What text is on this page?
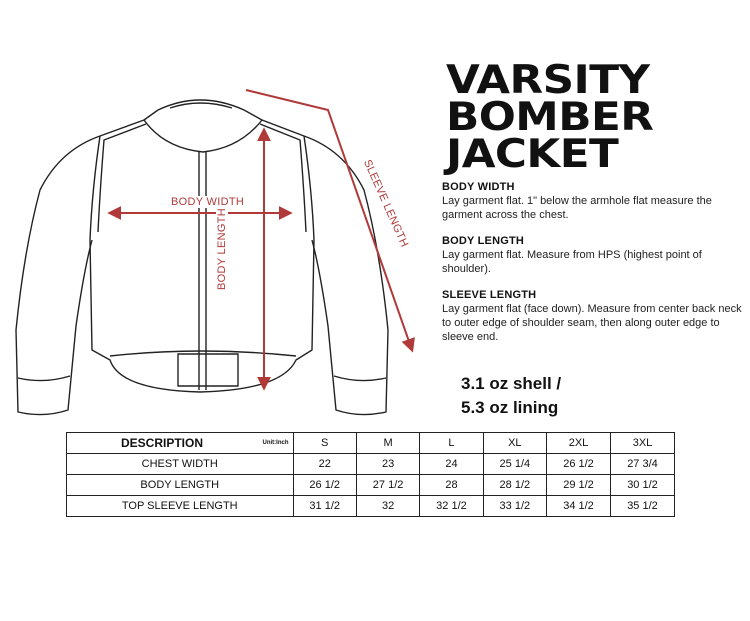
BODY WIDTH
BODY LENGTH	SLEEVE LENGTH
VARSITY
BOMBER
JACKET
BODY WIDTH
Lay garment flat. 1" below the armhole flat measure the garment across the chest.
BODY LENGTH
Lay garment flat. Measure from HPS (highest point of shoulder).
SLEEVE LENGTH
Lay garment flat (face down). Measure from center back neck to outer edge of shoulder seam, then along outer edge to sleeve end.
3.1 oz shell /
5.3 oz lining
DESCRIPTION Unit:Inch	S	M	L	XL	2XL	3XL
CHEST WIDTH	22	23	24	25 1/4	26 1/2	27 3/4
BODY LENGTH	26 1/2	27 1/2	28	28 1/2	29 1/2	30 1/2
TOP SLEEVE LENGTH	31 1/2	32	32 1/2	33 1/2	34 1/2	35 1/2
